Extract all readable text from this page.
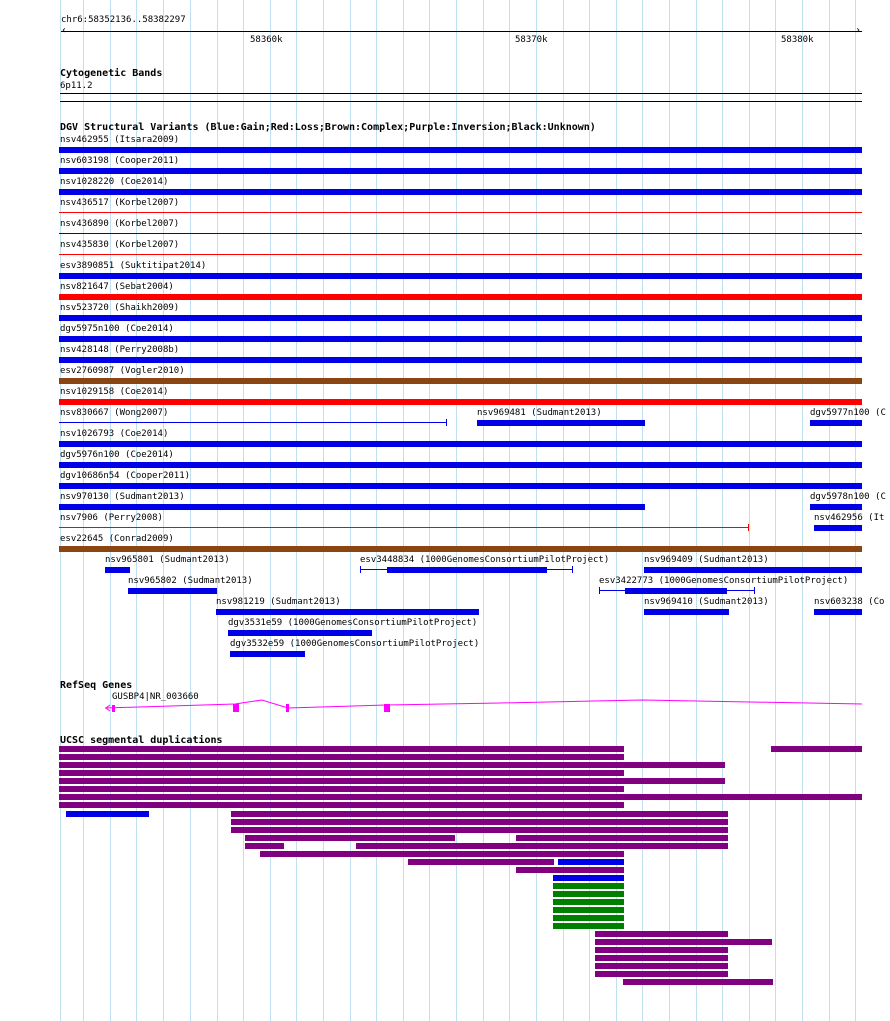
chr6:58352136..58382297
‹	›
58360k	58370k	58380k
Cytogenetic Bands
6p11.2
DGV Structural Variants (Blue:Gain;Red:Loss;Brown:Complex;Purple:Inversion;Black:Unknown)
nsv462955 (Itsara2009)
nsv603198 (Cooper2011)
nsv1028220 (Coe2014)
nsv436517 (Korbel2007)
nsv436890 (Korbel2007)
nsv435830 (Korbel2007)
esv3890851 (Suktitipat2014)
nsv821647 (Sebat2004)
nsv523720 (Shaikh2009)
dgv5975n100 (Coe2014)
nsv428148 (Perry2008b)
esv2760987 (Vogler2010)
nsv1029158 (Coe2014)
nsv830667 (Wong2007)	nsv969481 (Sudmant2013)	dgv5977n100 (C
nsv1026793 (Coe2014)
dgv5976n100 (Coe2014)
dgv10686n54 (Cooper2011)
nsv970130 (Sudmant2013)	dgv5978n100 (C
nsv7906 (Perry2008)	nsv462956 (It
esv22645 (Conrad2009)
nsv965801 (Sudmant2013)	esv3448834 (1000GenomesConsortiumPilotProject)	nsv969409 (Sudmant2013)
nsv965802 (Sudmant2013)	esv3422773 (1000GenomesConsortiumPilotProject)
nsv981219 (Sudmant2013)	nsv969410 (Sudmant2013)	nsv603238 (Co
dgv3531e59 (1000GenomesConsortiumPilotProject)
dgv3532e59 (1000GenomesConsortiumPilotProject)
RefSeq Genes
GUSBP4|NR_003660
UCSC segmental duplications
